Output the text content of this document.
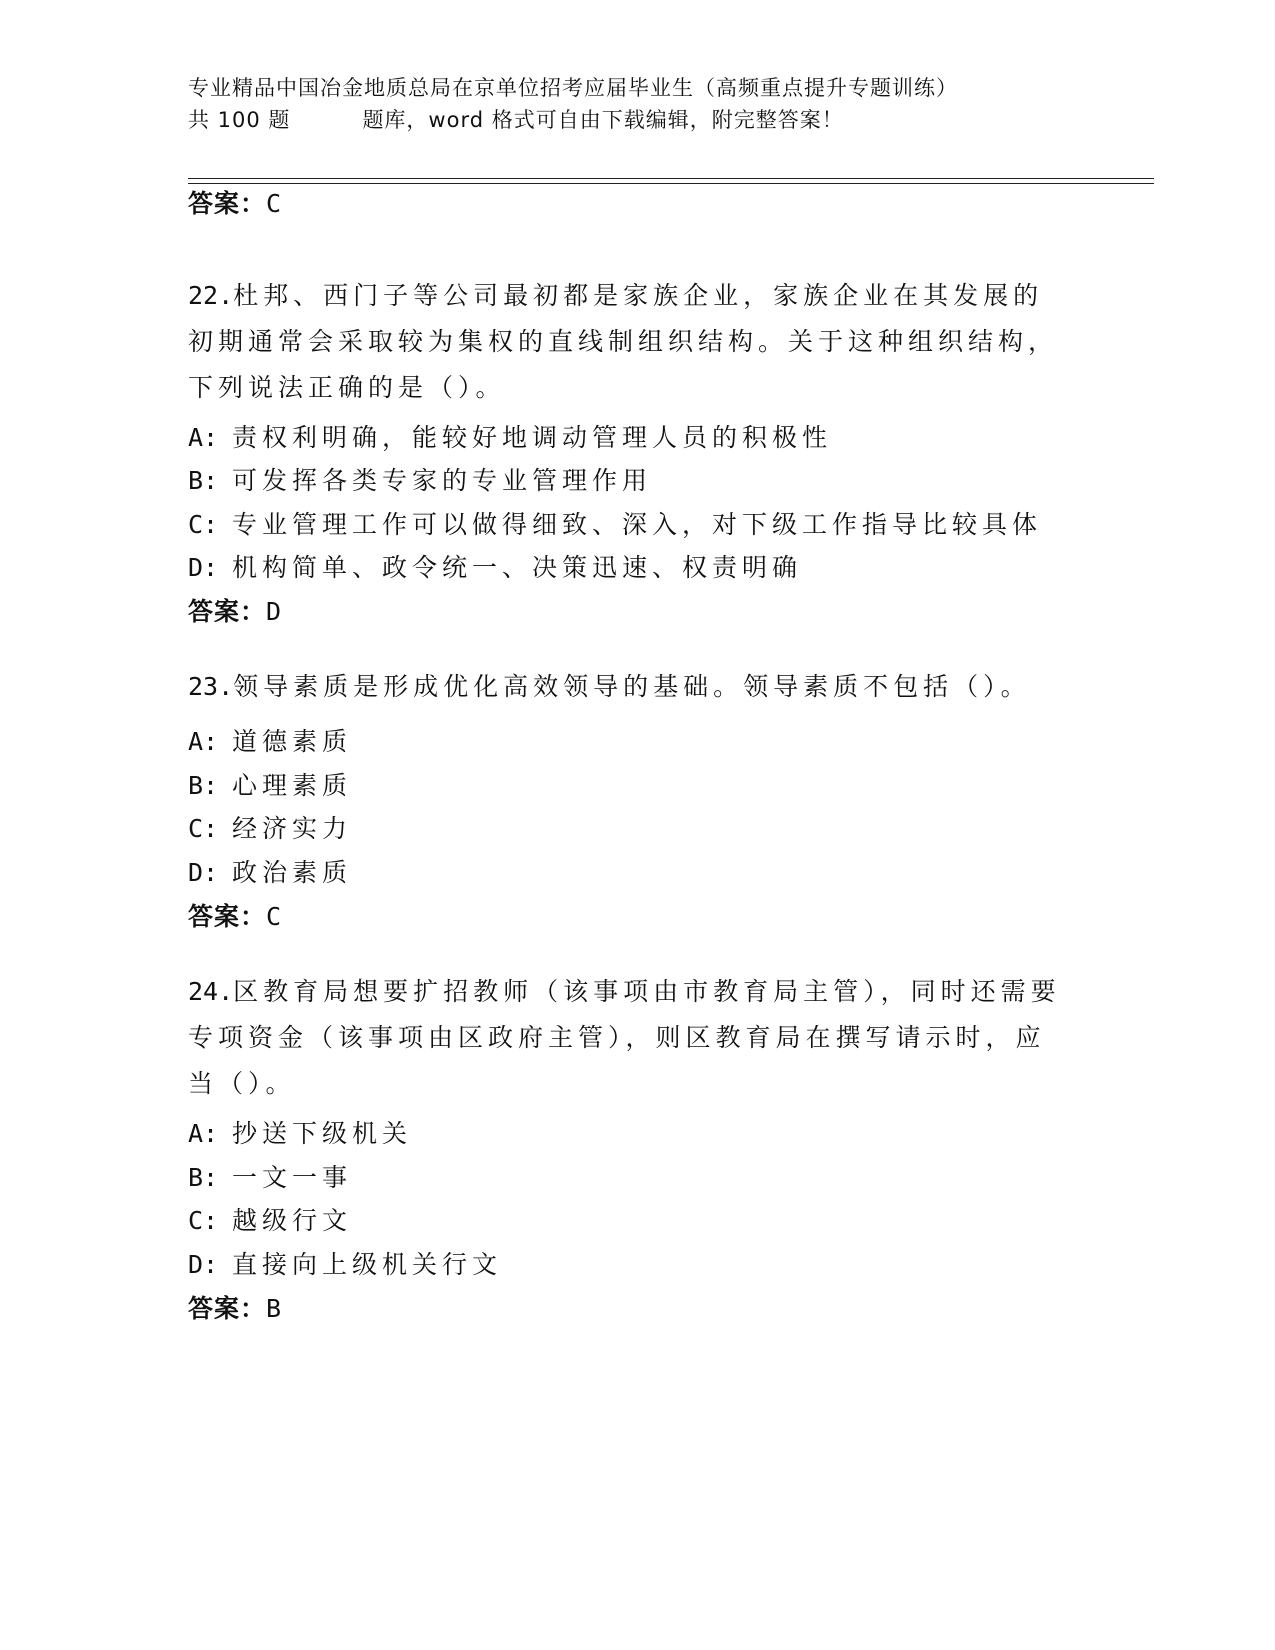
专业精品中国冶金地质总局在京单位招考应届毕业生（高频重点提升专题训练）
共 100 题	题库，word 格式可自由下载编辑，附完整答案！
答案：C
22.杜邦、西门子等公司最初都是家族企业，家族企业在其发展的初期通常会采取较为集权的直线制组织结构。关于这种组织结构，下列说法正确的是（）。
A: 责权利明确，能较好地调动管理人员的积极性
B: 可发挥各类专家的专业管理作用
C: 专业管理工作可以做得细致、深入，对下级工作指导比较具体
D: 机构简单、政令统一、决策迅速、权责明确
答案：D
23.领导素质是形成优化高效领导的基础。领导素质不包括（）。
A: 道德素质
B: 心理素质
C: 经济实力
D: 政治素质
答案：C
24.区教育局想要扩招教师（该事项由市教育局主管），同时还需要专项资金（该事项由区政府主管），则区教育局在撰写请示时，应当（）。
A: 抄送下级机关
B: 一文一事
C: 越级行文
D: 直接向上级机关行文
答案：B
